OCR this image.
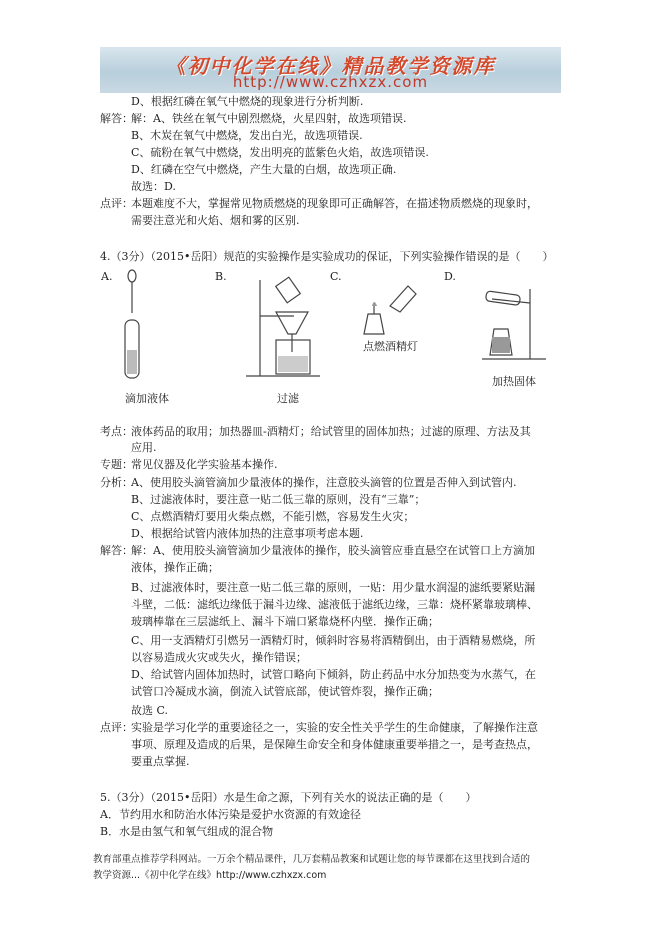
《初中化学在线》精品教学资源库
http://www.czhxzx.com
D、根据红磷在氧气中燃烧的现象进行分析判断.
解答：
解：A、铁丝在氧气中剧烈燃烧，火星四射，故选项错误.
B、木炭在氧气中燃烧，发出白光，故选项错误.
C、硫粉在氧气中燃烧，发出明亮的蓝紫色火焰，故选项错误.
D、红磷在空气中燃烧，产生大量的白烟，故选项正确.
故选：D.
点评：
本题难度不大，掌握常见物质燃烧的现象即可正确解答，在描述物质燃烧的现象时，
需要注意光和火焰、烟和雾的区别.
4.（3分）（2015•岳阳）规范的实验操作是实验成功的保证，下列实验操作错误的是（　　）
A.	B.	C.	D.
点燃酒精灯
滴加液体	过滤
加热固体
考点：
液体药品的取用；加热器皿-酒精灯；给试管里的固体加热；过滤的原理、方法及其
应用.
专题：
常见仪器及化学实验基本操作.
分析：
A、使用胶头滴管滴加少量液体的操作，注意胶头滴管的位置是否伸入到试管内.
B、过滤液体时，要注意一贴二低三靠的原则，没有“三靠”；
C、点燃酒精灯要用火柴点燃，不能引燃，容易发生火灾；
D、根据给试管内液体加热的注意事项考虑本题.
解答：
解：A、使用胶头滴管滴加少量液体的操作，胶头滴管应垂直悬空在试管口上方滴加
液体，操作正确；
B、过滤液体时，要注意一贴二低三靠的原则，一贴：用少量水润湿的滤纸要紧贴漏
斗壁，二低：滤纸边缘低于漏斗边缘、滤液低于滤纸边缘，三靠：烧杯紧靠玻璃棒、
玻璃棒靠在三层滤纸上、漏斗下端口紧靠烧杯内壁．操作正确；
C、用一支酒精灯引燃另一酒精灯时，倾斜时容易将酒精倒出，由于酒精易燃烧，所
以容易造成火灾或失火，操作错误；
D、给试管内固体加热时，试管口略向下倾斜，防止药品中水分加热变为水蒸气，在
试管口冷凝成水滴，倒流入试管底部，使试管炸裂，操作正确；
故选 C.
点评：
实验是学习化学的重要途径之一，实验的安全性关乎学生的生命健康，了解操作注意
事项、原理及造成的后果，是保障生命安全和身体健康重要举措之一，是考查热点，
要重点掌握.
5.（3分）（2015•岳阳）水是生命之源，下列有关水的说法正确的是（　　）
A．节约用水和防治水体污染是爱护水资源的有效途径
B．水是由氢气和氧气组成的混合物
教育部重点推荐学科网站。一万余个精品课件，几万套精品教案和试题让您的每节课都在这里找到合适的
教学资源...《初中化学在线》http://www.czhxzx.com
